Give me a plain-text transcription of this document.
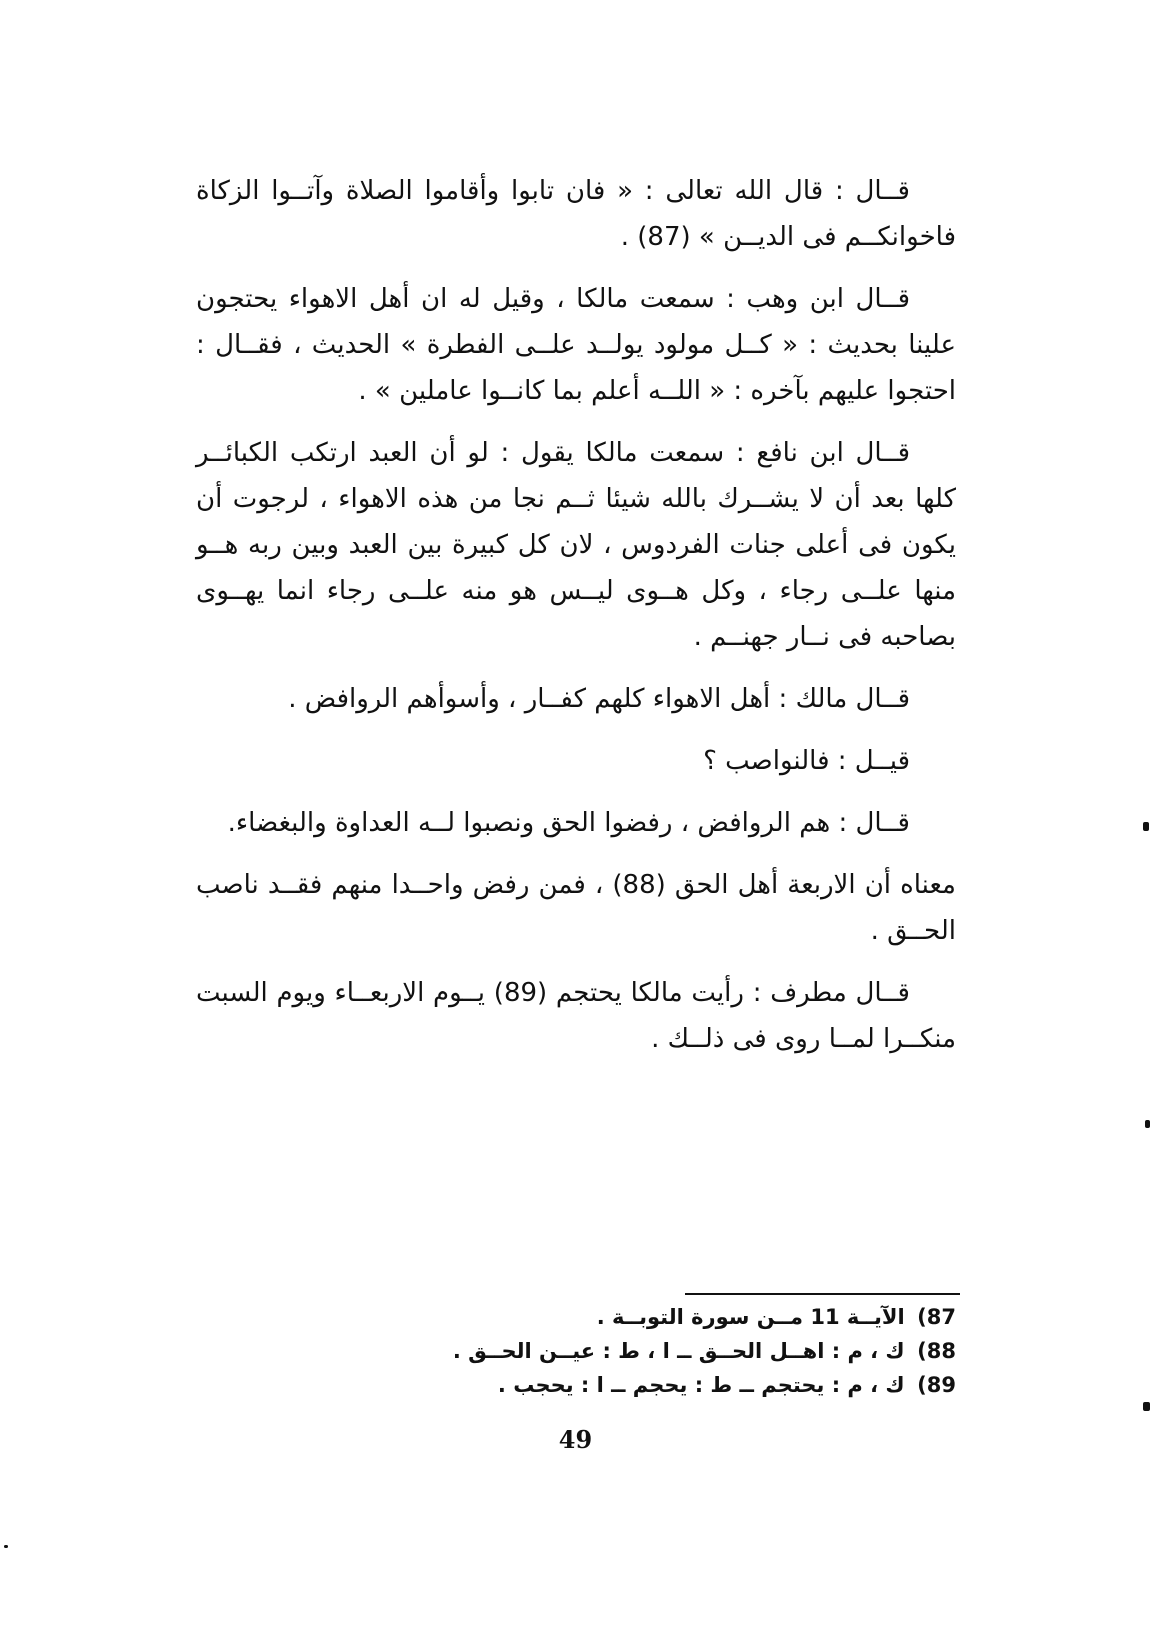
قــال : قال الله تعالى : « فان تابوا وأقاموا الصلاة وآتــوا الزكاة فاخوانكــم فى الديــن » (87) .

قــال ابن وهب : سمعت مالكا ، وقيل له ان أهل الاهواء يحتجون علينا بحديث : « كــل مولود يولــد علــى الفطرة » الحديث ، فقــال : احتجوا عليهم بآخره : « اللــه أعلم بما كانــوا عاملين » .

قــال ابن نافع : سمعت مالكا يقول : لو أن العبد ارتكب الكبائــر كلها بعد أن لا يشــرك بالله شيئا ثــم نجا من هذه الاهواء ، لرجوت أن يكون فى أعلى جنات الفردوس ، لان كل كبيرة بين العبد وبين ربه هــو منها علــى رجاء ، وكل هــوى ليــس هو منه علــى رجاء انما يهــوى بصاحبه فى نــار جهنــم .

قــال مالك : أهل الاهواء كلهم كفــار ، وأسوأهم الروافض .

قيــل : فالنواصب ؟

قــال : هم الروافض ، رفضوا الحق ونصبوا لــه العداوة والبغضاء.

معناه أن الاربعة أهل الحق (88) ، فمن رفض واحــدا منهم فقــد ناصب الحــق .

قــال مطرف : رأيت مالكا يحتجم (89) يــوم الاربعــاء ويوم السبت منكــرا لمــا روى فى ذلــك .

87) الآيــة 11 مــن سورة التوبــة .
88) ك ، م : اهــل الحــق ــ ا ، ط : عيــن الحــق .
89) ك ، م : يحتجم ــ ط : يحجم ــ ا : يحجب .
49
